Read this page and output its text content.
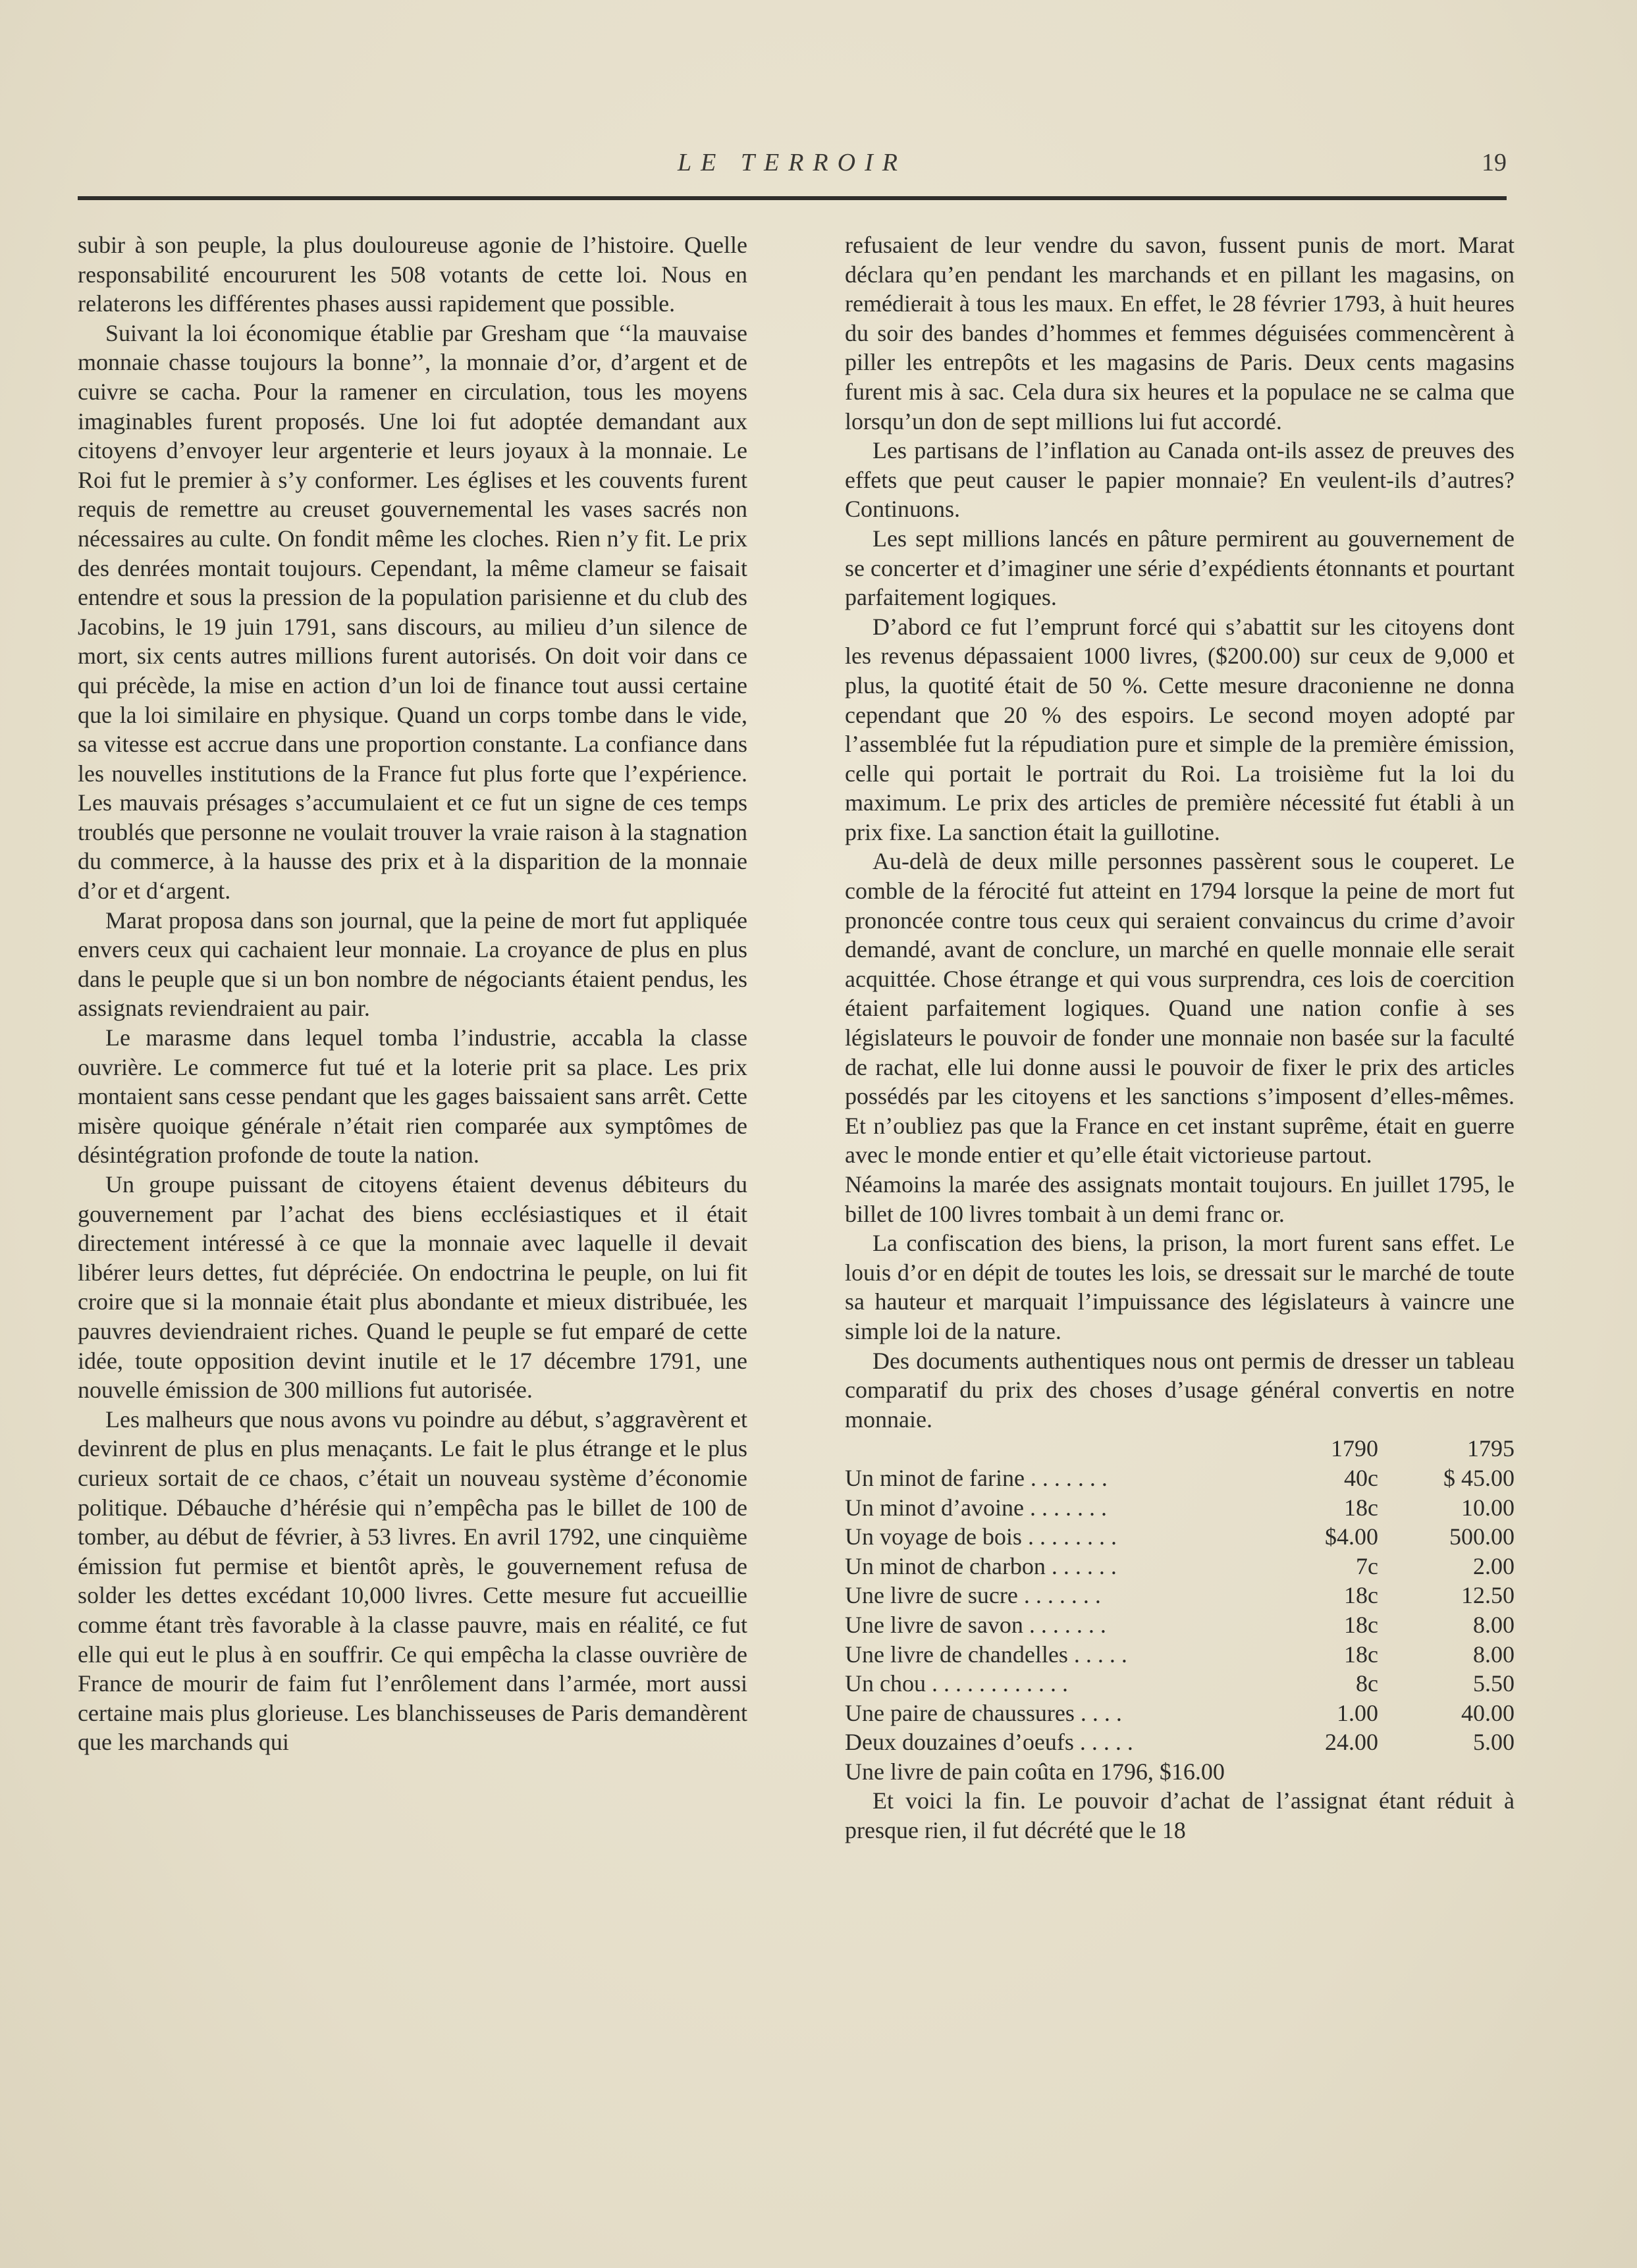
LE TERROIR	19

subir à son peuple, la plus douloureuse agonie de l’histoire. Quelle responsabilité encoururent les 508 votants de cette loi. Nous en relaterons les différentes phases aussi rapidement que possible.

Suivant la loi économique établie par Gresham que ‘‘la mauvaise monnaie chasse toujours la bonne’’, la monnaie d’or, d’argent et de cuivre se cacha. Pour la ramener en circulation, tous les moyens imaginables furent proposés. Une loi fut adoptée demandant aux citoyens d’envoyer leur argenterie et leurs joyaux à la monnaie. Le Roi fut le premier à s’y conformer. Les églises et les couvents furent requis de remettre au creuset gouvernemental les vases sacrés non nécessaires au culte. On fondit même les cloches. Rien n’y fit. Le prix des denrées montait toujours. Cependant, la même clameur se faisait entendre et sous la pression de la population parisienne et du club des Jacobins, le 19 juin 1791, sans discours, au milieu d’un silence de mort, six cents autres millions furent autorisés. On doit voir dans ce qui précède, la mise en action d’un loi de finance tout aussi certaine que la loi similaire en physique. Quand un corps tombe dans le vide, sa vitesse est accrue dans une proportion constante. La confiance dans les nouvelles institutions de la France fut plus forte que l’expérience. Les mauvais présages s’accumulaient et ce fut un signe de ces temps troublés que personne ne voulait trouver la vraie raison à la stagnation du commerce, à la hausse des prix et à la disparition de la monnaie d’or et d‘argent.

Marat proposa dans son journal, que la peine de mort fut appliquée envers ceux qui cachaient leur monnaie. La croyance de plus en plus dans le peuple que si un bon nombre de négociants étaient pendus, les assignats reviendraient au pair.

Le marasme dans lequel tomba l’industrie, accabla la classe ouvrière. Le commerce fut tué et la loterie prit sa place. Les prix montaient sans cesse pendant que les gages baissaient sans arrêt. Cette misère quoique générale n’était rien comparée aux symptômes de désintégration profonde de toute la nation.

Un groupe puissant de citoyens étaient devenus débiteurs du gouvernement par l’achat des biens ecclésiastiques et il était directement intéressé à ce que la monnaie avec laquelle il devait libérer leurs dettes, fut dépréciée. On endoctrina le peuple, on lui fit croire que si la monnaie était plus abondante et mieux distribuée, les pauvres deviendraient riches. Quand le peuple se fut emparé de cette idée, toute opposition devint inutile et le 17 décembre 1791, une nouvelle émission de 300 millions fut autorisée.

Les malheurs que nous avons vu poindre au début, s’aggravèrent et devinrent de plus en plus menaçants. Le fait le plus étrange et le plus curieux sortait de ce chaos, c’était un nouveau système d’économie politique. Débauche d’hérésie qui n’empêcha pas le billet de 100 de tomber, au début de février, à 53 livres. En avril 1792, une cinquième émission fut permise et bientôt après, le gouvernement refusa de solder les dettes excédant 10,000 livres. Cette mesure fut accueillie comme étant très favorable à la classe pauvre, mais en réalité, ce fut elle qui eut le plus à en souffrir. Ce qui empêcha la classe ouvrière de France de mourir de faim fut l’enrôlement dans l’armée, mort aussi certaine mais plus glorieuse. Les blanchisseuses de Paris demandèrent que les marchands qui

refusaient de leur vendre du savon, fussent punis de mort. Marat déclara qu’en pendant les marchands et en pillant les magasins, on remédierait à tous les maux. En effet, le 28 février 1793, à huit heures du soir des bandes d’hommes et femmes déguisées commencèrent à piller les entrepôts et les magasins de Paris. Deux cents magasins furent mis à sac. Cela dura six heures et la populace ne se calma que lorsqu’un don de sept millions lui fut accordé.

Les partisans de l’inflation au Canada ont-ils assez de preuves des effets que peut causer le papier monnaie? En veulent-ils d’autres? Continuons.

Les sept millions lancés en pâture permirent au gouvernement de se concerter et d’imaginer une série d’expédients étonnants et pourtant parfaitement logiques.

D’abord ce fut l’emprunt forcé qui s’abattit sur les citoyens dont les revenus dépassaient 1000 livres, ($200.00) sur ceux de 9,000 et plus, la quotité était de 50 %. Cette mesure draconienne ne donna cependant que 20 % des espoirs. Le second moyen adopté par l’assemblée fut la répudiation pure et simple de la première émission, celle qui portait le portrait du Roi. La troisième fut la loi du maximum. Le prix des articles de première nécessité fut établi à un prix fixe. La sanction était la guillotine.

Au-delà de deux mille personnes passèrent sous le couperet. Le comble de la férocité fut atteint en 1794 lorsque la peine de mort fut prononcée contre tous ceux qui seraient convaincus du crime d’avoir demandé, avant de conclure, un marché en quelle monnaie elle serait acquittée. Chose étrange et qui vous surprendra, ces lois de coercition étaient parfaitement logiques. Quand une nation confie à ses législateurs le pouvoir de fonder une monnaie non basée sur la faculté de rachat, elle lui donne aussi le pouvoir de fixer le prix des articles possédés par les citoyens et les sanctions s’imposent d’elles-mêmes. Et n’oubliez pas que la France en cet instant suprême, était en guerre avec le monde entier et qu’elle était victorieuse partout.

Néamoins la marée des assignats montait toujours. En juillet 1795, le billet de 100 livres tombait à un demi franc or.

La confiscation des biens, la prison, la mort furent sans effet. Le louis d’or en dépit de toutes les lois, se dressait sur le marché de toute sa hauteur et marquait l’impuissance des législateurs à vaincre une simple loi de la nature.

Des documents authentiques nous ont permis de dresser un tableau comparatif du prix des choses d’usage général convertis en notre monnaie.

	1790	1795
Un minot de farine . . . . . . .	40c	$ 45.00
Un minot d’avoine . . . . . . .	18c	10.00
Un voyage de bois . . . . . . . .	$4.00	500.00
Un minot de charbon . . . . . .	7c	2.00
Une livre de sucre . . . . . . .	18c	12.50
Une livre de savon . . . . . . .	18c	8.00
Une livre de chandelles . . . . .	18c	8.00
Un chou . . . . . . . . . . . .	8c	5.50
Une paire de chaussures . . . .	1.00	40.00
Deux douzaines d’oeufs . . . . .	24.00	5.00

Une livre de pain coûta en 1796, $16.00

Et voici la fin. Le pouvoir d’achat de l’assignat étant réduit à presque rien, il fut décrété que le 18
